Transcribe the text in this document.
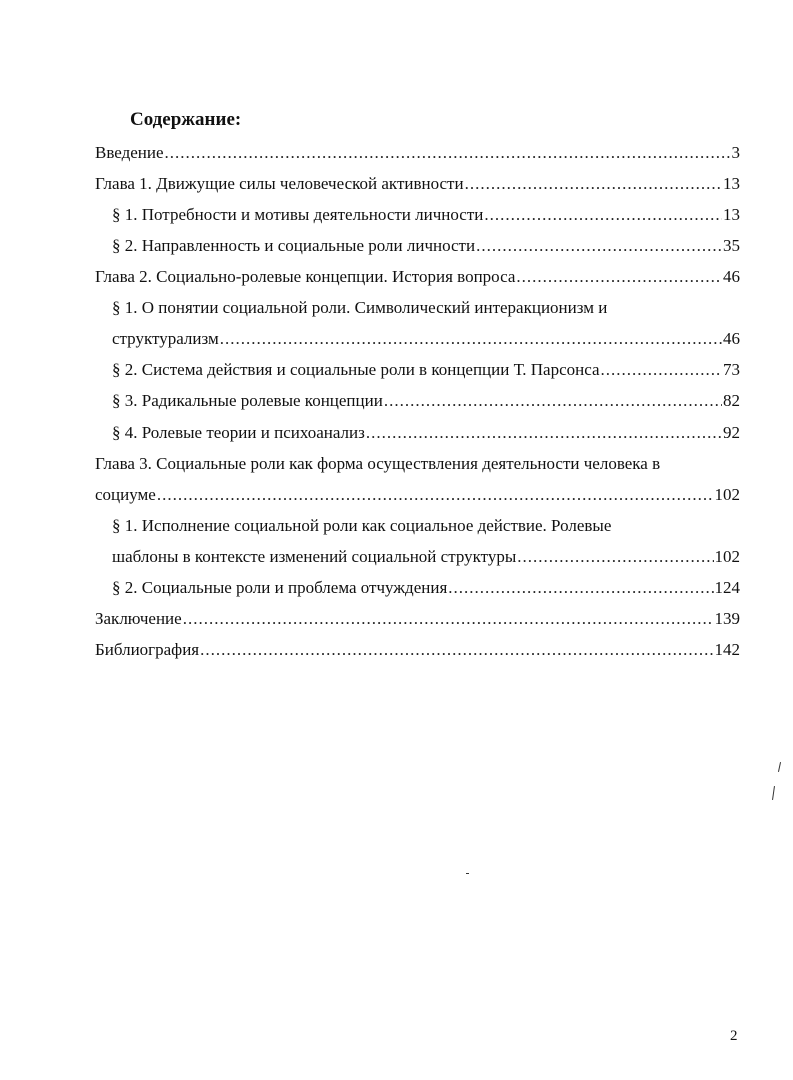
Содержание:
Введение .....	3
Глава 1. Движущие силы человеческой активности .....	13
§ 1. Потребности и мотивы деятельности личности .....	13
§ 2. Направленность и социальные роли личности .....	35
Глава 2. Социально-ролевые концепции. История вопроса .....	46
§ 1. О понятии социальной роли. Символический интеракционизм и
структурализм .....	46
§ 2. Система действия и социальные роли в концепции Т. Парсонса .....	73
§ 3. Радикальные ролевые концепции .....	82
§ 4. Ролевые теории и психоанализ .....	92
Глава 3. Социальные роли как форма осуществления деятельности человека в
социуме .....	102
§ 1. Исполнение социальной роли как социальное действие. Ролевые
шаблоны в контексте изменений социальной структуры .....	102
§ 2. Социальные роли и проблема отчуждения .....	124
Заключение .....	139
Библиография .....	142
2
